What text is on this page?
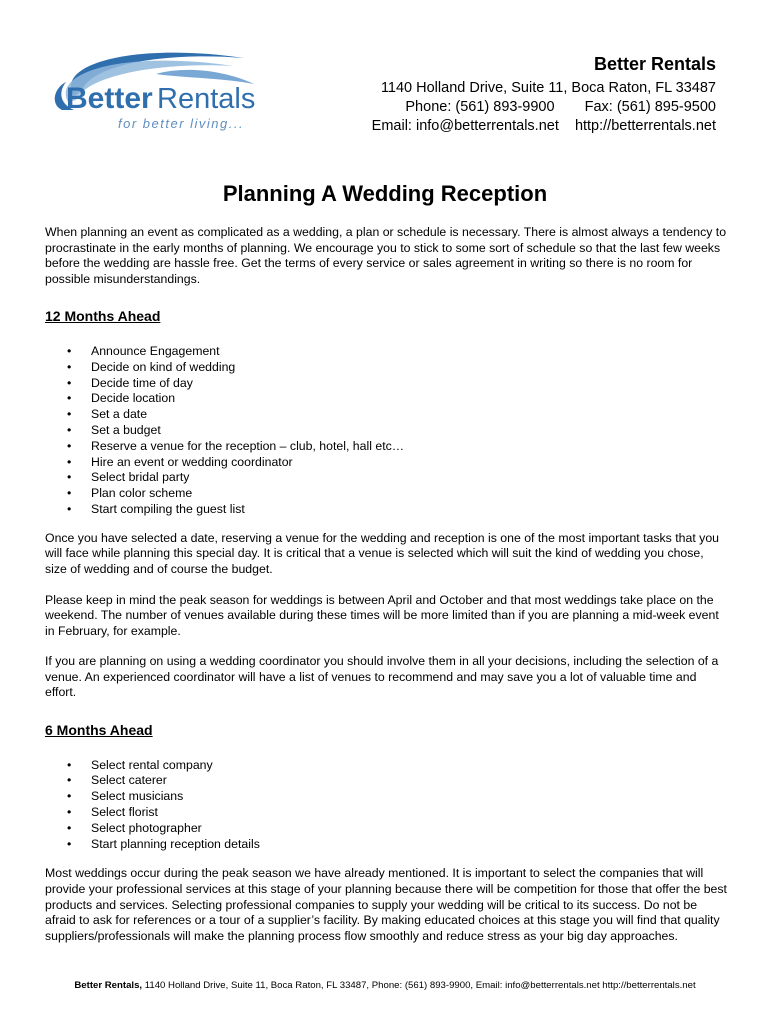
Better Rentals
for better living...
Better Rentals
1140 Holland Drive, Suite 11, Boca Raton, FL 33487
Phone: (561) 893-9900 Fax: (561) 895-9500
Email: info@betterrentals.net http://betterrentals.net
Planning A Wedding Reception

When planning an event as complicated as a wedding, a plan or schedule is necessary. There is almost always a tendency to procrastinate in the early months of planning. We encourage you to stick to some sort of schedule so that the last few weeks before the wedding are hassle free. Get the terms of every service or sales agreement in writing so there is no room for possible misunderstandings.

12 Months Ahead
• Announce Engagement
• Decide on kind of wedding
• Decide time of day
• Decide location
• Set a date
• Set a budget
• Reserve a venue for the reception – club, hotel, hall etc…
• Hire an event or wedding coordinator
• Select bridal party
• Plan color scheme
• Start compiling the guest list

Once you have selected a date, reserving a venue for the wedding and reception is one of the most important tasks that you will face while planning this special day. It is critical that a venue is selected which will suit the kind of wedding you chose, size of wedding and of course the budget.

Please keep in mind the peak season for weddings is between April and October and that most weddings take place on the weekend. The number of venues available during these times will be more limited than if you are planning a mid-week event in February, for example.

If you are planning on using a wedding coordinator you should involve them in all your decisions, including the selection of a venue. An experienced coordinator will have a list of venues to recommend and may save you a lot of valuable time and effort.

6 Months Ahead
• Select rental company
• Select caterer
• Select musicians
• Select florist
• Select photographer
• Start planning reception details

Most weddings occur during the peak season we have already mentioned. It is important to select the companies that will provide your professional services at this stage of your planning because there will be competition for those that offer the best products and services. Selecting professional companies to supply your wedding will be critical to its success. Do not be afraid to ask for references or a tour of a supplier’s facility. By making educated choices at this stage you will find that quality suppliers/professionals will make the planning process flow smoothly and reduce stress as your big day approaches.

Better Rentals, 1140 Holland Drive, Suite 11, Boca Raton, FL 33487, Phone: (561) 893-9900, Email: info@betterrentals.net http://betterrentals.net
